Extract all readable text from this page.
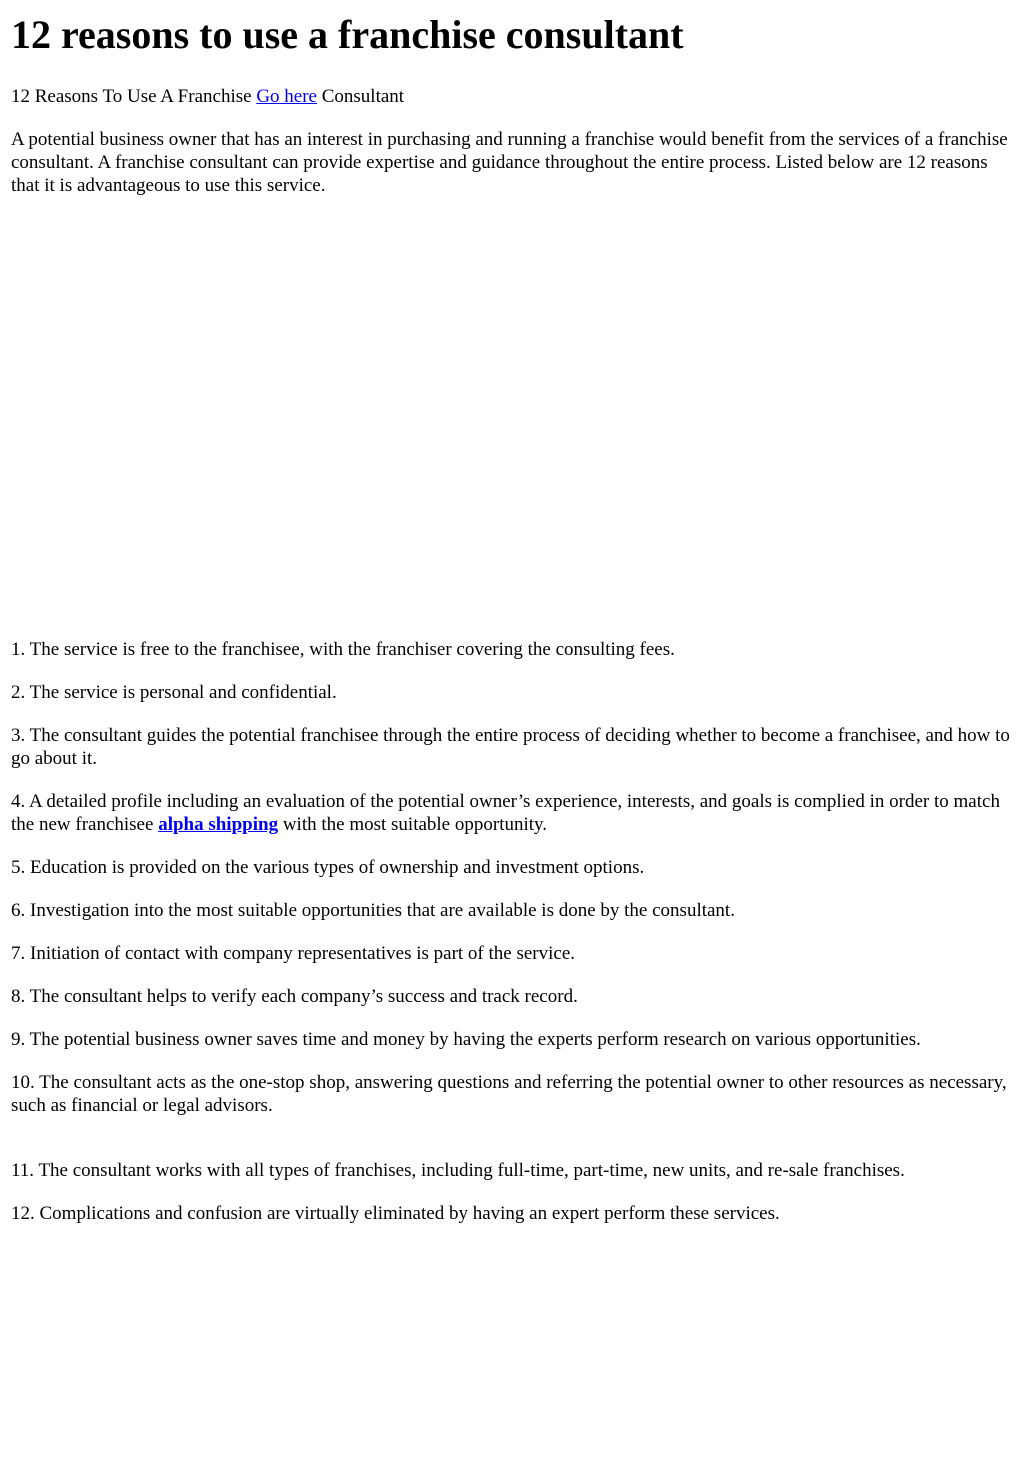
12 reasons to use a franchise consultant

12 Reasons To Use A Franchise Go here Consultant

A potential business owner that has an interest in purchasing and running a franchise would benefit from the services of a franchise consultant. A franchise consultant can provide expertise and guidance throughout the entire process. Listed below are 12 reasons that it is advantageous to use this service.

1. The service is free to the franchisee, with the franchiser covering the consulting fees.

2. The service is personal and confidential.

3. The consultant guides the potential franchisee through the entire process of deciding whether to become a franchisee, and how to go about it.

4. A detailed profile including an evaluation of the potential owner’s experience, interests, and goals is complied in order to match the new franchisee alpha shipping with the most suitable opportunity.

5. Education is provided on the various types of ownership and investment options.

6. Investigation into the most suitable opportunities that are available is done by the consultant.

7. Initiation of contact with company representatives is part of the service.

8. The consultant helps to verify each company’s success and track record.

9. The potential business owner saves time and money by having the experts perform research on various opportunities.

10. The consultant acts as the one-stop shop, answering questions and referring the potential owner to other resources as necessary, such as financial or legal advisors.

11. The consultant works with all types of franchises, including full-time, part-time, new units, and re-sale franchises.

12. Complications and confusion are virtually eliminated by having an expert perform these services.
